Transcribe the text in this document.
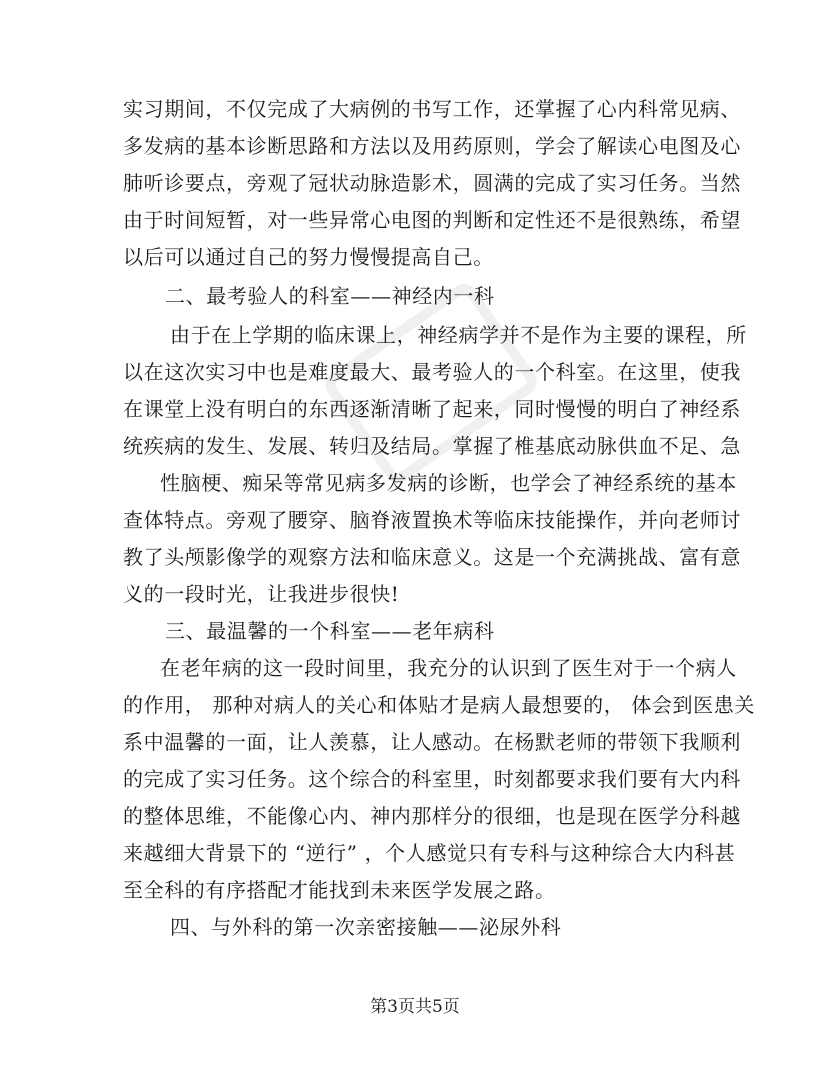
实习期间，不仅完成了大病例的书写工作，还掌握了心内科常见病、
多发病的基本诊断思路和方法以及用药原则，学会了解读心电图及心
肺听诊要点，旁观了冠状动脉造影术，圆满的完成了实习任务。当然
由于时间短暂，对一些异常心电图的判断和定性还不是很熟练，希望
以后可以通过自己的努力慢慢提高自己。
二、最考验人的科室——神经内一科
由于在上学期的临床课上，神经病学并不是作为主要的课程，所
以在这次实习中也是难度最大、最考验人的一个科室。在这里，使我
在课堂上没有明白的东西逐渐清晰了起来，同时慢慢的明白了神经系
统疾病的发生、发展、转归及结局。掌握了椎基底动脉供血不足、急
性脑梗、痴呆等常见病多发病的诊断，也学会了神经系统的基本
查体特点。旁观了腰穿、脑脊液置换术等临床技能操作，并向老师讨
教了头颅影像学的观察方法和临床意义。这是一个充满挑战、富有意
义的一段时光，让我进步很快!
三、最温馨的一个科室——老年病科
在老年病的这一段时间里，我充分的认识到了医生对于一个病人
的作用， 那种对病人的关心和体贴才是病人最想要的， 体会到医患关
系中温馨的一面，让人羡慕，让人感动。在杨默老师的带领下我顺利
的完成了实习任务。这个综合的科室里，时刻都要求我们要有大内科
的整体思维，不能像心内、神内那样分的很细，也是现在医学分科越
来越细大背景下的 “逆行” ，个人感觉只有专科与这种综合大内科甚
至全科的有序搭配才能找到未来医学发展之路。
四、与外科的第一次亲密接触——泌尿外科
第3页共5页
